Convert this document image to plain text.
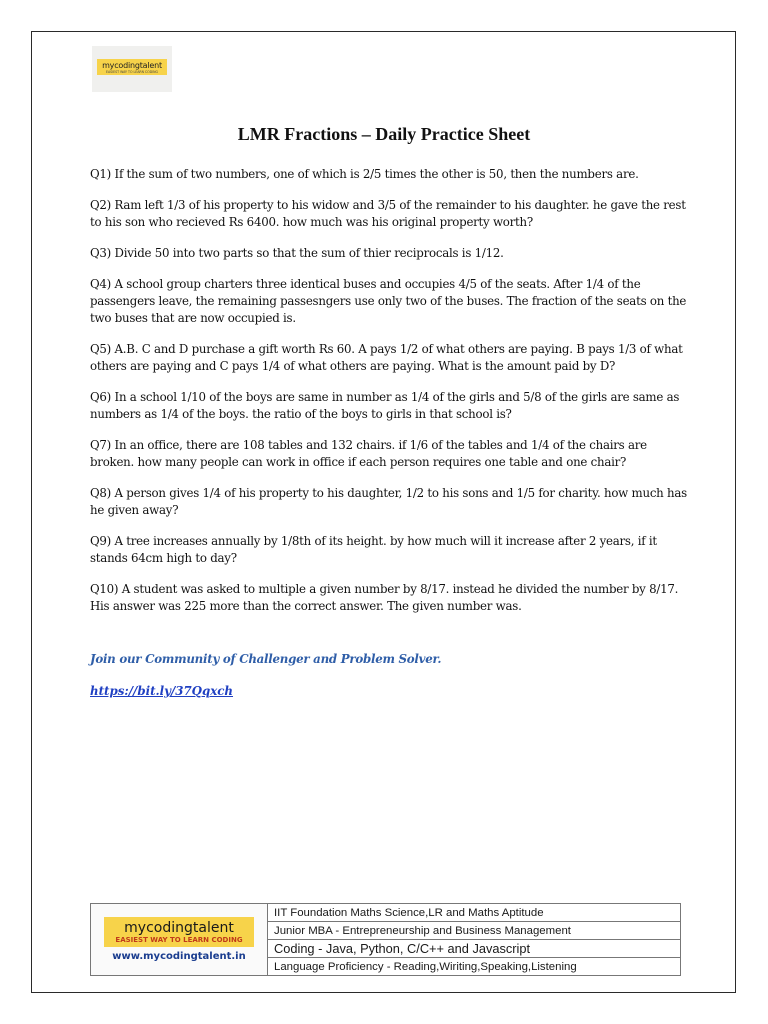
mycodingtalent
EASIEST WAY TO LEARN CODING
LMR Fractions – Daily Practice Sheet

Q1) If the sum of two numbers, one of which is 2/5 times the other is 50, then the numbers are.

Q2) Ram left 1/3 of his property to his widow and 3/5 of the remainder to his daughter. he gave the rest to his son who recieved Rs 6400. how much was his original property worth?

Q3) Divide 50 into two parts so that the sum of thier reciprocals is 1/12.

Q4) A school group charters three identical buses and occupies 4/5 of the seats. After 1/4 of the passengers leave, the remaining passesngers use only two of the buses. The fraction of the seats on the two buses that are now occupied is.

Q5) A.B. C and D purchase a gift worth Rs 60. A pays 1/2 of what others are paying. B pays 1/3 of what others are paying and C pays 1/4 of what others are paying. What is the amount paid by D?

Q6) In a school 1/10 of the boys are same in number as 1/4 of the girls and 5/8 of the girls are same as numbers as 1/4 of the boys. the ratio of the boys to girls in that school is?

Q7) In an office, there are 108 tables and 132 chairs. if 1/6 of the tables and 1/4 of the chairs are broken. how many people can work in office if each person requires one table and one chair?

Q8) A person gives 1/4 of his property to his daughter, 1/2 to his sons and 1/5 for charity. how much has he given away?

Q9) A tree increases annually by 1/8th of its height. by how much will it increase after 2 years, if it stands 64cm high to day?

Q10) A student was asked to multiple a given number by 8/17. instead he divided the number by 8/17. His answer was 225 more than the correct answer. The given number was.

Join our Community of Challenger and Problem Solver.
https://bit.ly/37Qqxch
mycodingtalent
EASIEST WAY TO LEARN CODING
www.mycodingtalent.in
IIT Foundation Maths Science,LR and Maths Aptitude
Junior MBA - Entrepreneurship and Business Management
Coding - Java, Python, C/C++ and Javascript
Language Proficiency - Reading,Wiriting,Speaking,Listening
